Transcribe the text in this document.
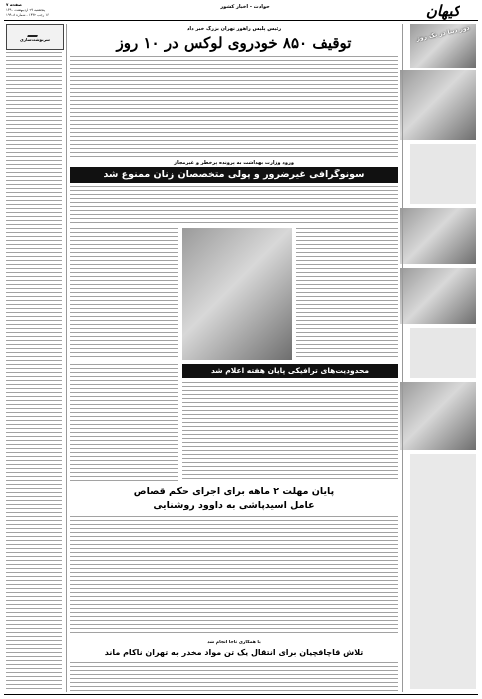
کیهان
حوادث - اخبار کشور
صفحه ۷
پنجشنبه ۲۹ اردیبهشت ۱۳۹۰
۱۶ رجب ۱۴۳۲ - شماره ۱۹۹۰۸
سرنوشت‌سازی	دور دنیا در یک روز
رئیس پلیس راهور تهران بزرگ خبر داد
توقیف ۸۵۰ خودروی لوکس در ۱۰ روز
ورود وزارت بهداشت به پرونده پرخطر و غیرمجاز
سونوگرافی غیرضرور و پولی متخصصان زنان ممنوع شد
محدودیت‌های ترافیکی پایان هفته اعلام شد
پایان مهلت ۲ ماهه برای اجرای حکم قصاص
عامل اسیدپاشی به داوود روشنایی
با همکاری ناجا انجام شد
تلاش قاچاقچیان برای انتقال یک تن مواد مخدر به تهران ناکام ماند
